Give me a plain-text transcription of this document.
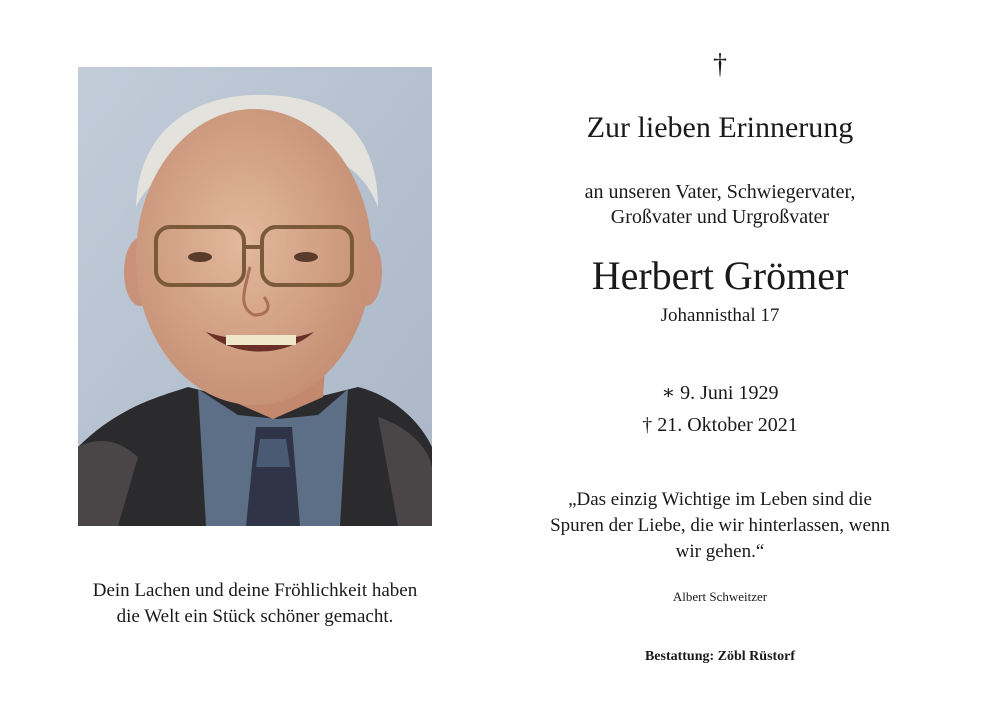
Dein Lachen und deine Fröhlichkeit haben
die Welt ein Stück schöner gemacht.
†
Zur lieben Erinnerung
an unseren Vater, Schwiegervater,
Großvater und Urgroßvater
Herbert Grömer
Johannisthal 17
∗ 9. Juni 1929
† 21. Oktober 2021
„Das einzig Wichtige im Leben sind die
Spuren der Liebe, die wir hinterlassen, wenn
wir gehen.“
Albert Schweitzer
Bestattung: Zöbl Rüstorf
